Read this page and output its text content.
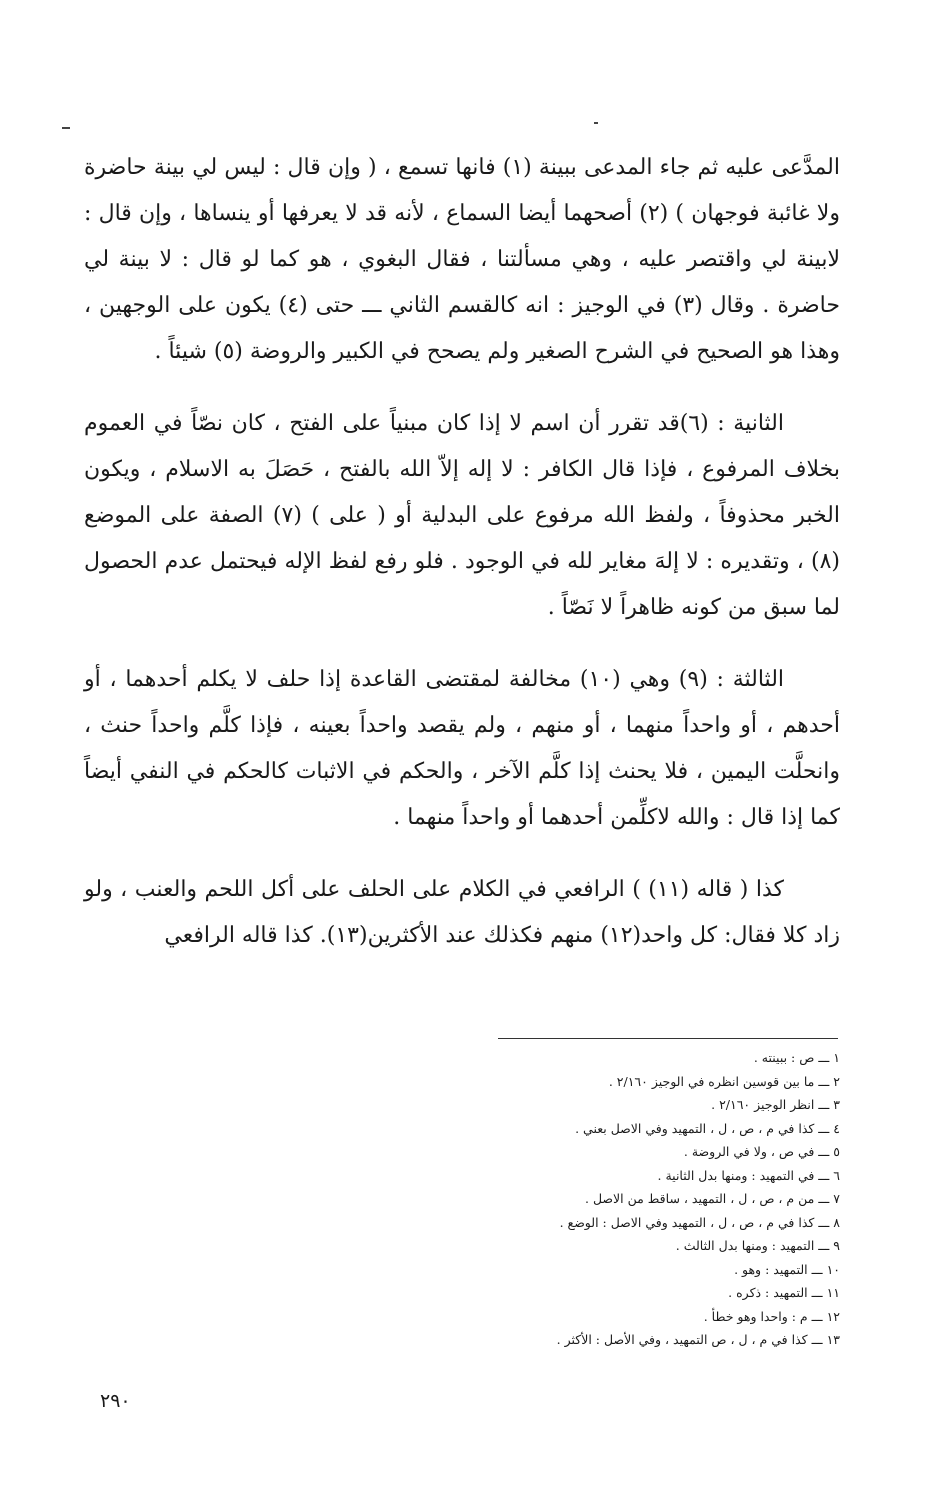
المدَّعى عليه ثم جاء المدعى ببينة (١) فانها تسمع ، ( وإن قال : ليس لي بينة حاضرة ولا غائبة فوجهان ) (٢) أصحهما أيضا السماع ، لأنه قد لا يعرفها أو ينساها ، وإن قال : لابينة لي واقتصر عليه ، وهي مسألتنا ، فقال البغوي ، هو كما لو قال : لا بينة لي حاضرة . وقال (٣) في الوجيز : انه كالقسم الثاني ـــ حتى (٤) يكون على الوجهين ، وهذا هو الصحيح في الشرح الصغير ولم يصحح في الكبير والروضة (٥) شيئاً .

الثانية : (٦)قد تقرر أن اسم لا إذا كان مبنياً على الفتح ، كان نصّاً في العموم بخلاف المرفوع ، فإذا قال الكافر : لا إله إلاّ الله بالفتح ، حَصَلَ به الاسلام ، ويكون الخبر محذوفاً ، ولفظ الله مرفوع على البدلية أو ( على ) (٧) الصفة على الموضع (٨) ، وتقديره : لا إلهَ مغاير لله في الوجود . فلو رفع لفظ الإله فيحتمل عدم الحصول لما سبق من كونه ظاهراً لا نَصّاً .

الثالثة : (٩) وهي (١٠) مخالفة لمقتضى القاعدة إذا حلف لا يكلم أحدهما ، أو أحدهم ، أو واحداً منهما ، أو منهم ، ولم يقصد واحداً بعينه ، فإذا كلَّم واحداً حنث ، وانحلَّت اليمين ، فلا يحنث إذا كلَّم الآخر ، والحكم في الاثبات كالحكم في النفي أيضاً كما إذا قال : والله لاكلِّمن أحدهما أو واحداً منهما .

كذا ( قاله (١١) ) الرافعي في الكلام على الحلف على أكل اللحم والعنب ، ولو زاد كلا فقال: كل واحد(١٢) منهم فكذلك عند الأكثرين(١٣). كذا قاله الرافعي

١ ـــ ص : ببينته .
٢ ـــ ما بين قوسين انظره في الوجيز ٢/١٦٠ .
٣ ـــ انظر الوجيز ٢/١٦٠ .
٤ ـــ كذا في م ، ص ، ل ، التمهيد وفي الاصل بعني .
٥ ـــ في ص ، ولا في الروضة .
٦ ـــ في التمهيد : ومنها بدل الثانية .
٧ ـــ من م ، ص ، ل ، التمهيد ، ساقط من الاصل .
٨ ـــ كذا في م ، ص ، ل ، التمهيد وفي الاصل : الوضع .
٩ ـــ التمهيد : ومنها بدل الثالث .
١٠ ـــ التمهيد : وهو .
١١ ـــ التمهيد : ذكره .
١٢ ـــ م : واحدا وهو خطأ .
١٣ ـــ كذا في م ، ل ، ص التمهيد ، وفي الأصل : الأكثر .
٢٩٠
